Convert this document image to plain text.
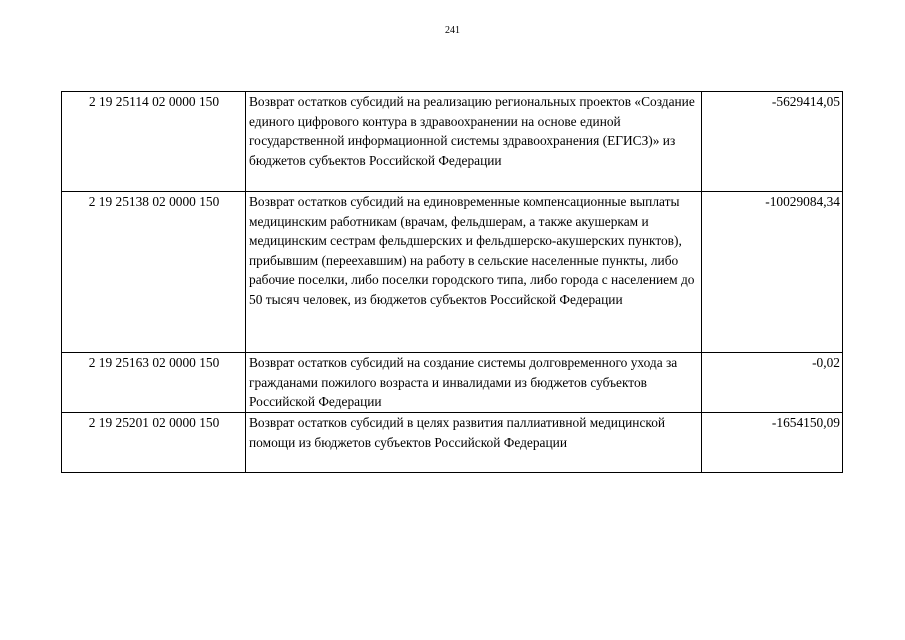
241
2 19 25114 02 0000 150	Возврат остатков субсидий на реализацию региональных проектов «Создание единого цифрового контура в здравоохранении на основе единой государственной информационной системы здравоохранения (ЕГИСЗ)» из бюджетов субъектов Российской Федерации	-5629414,05
2 19 25138 02 0000 150	Возврат остатков субсидий на единовременные компенсационные выплаты медицинским работникам (врачам, фельдшерам, а также акушеркам и медицинским сестрам фельдшерских и фельдшерско-акушерских пунктов), прибывшим (переехавшим) на работу в сельские населенные пункты, либо рабочие поселки, либо поселки городского типа, либо города с населением до 50 тысяч человек, из бюджетов субъектов Российской Федерации	-10029084,34
2 19 25163 02 0000 150	Возврат остатков субсидий на создание системы долговременного ухода за гражданами пожилого возраста и инвалидами из бюджетов субъектов Российской Федерации	-0,02
2 19 25201 02 0000 150	Возврат остатков субсидий в целях развития паллиативной медицинской помощи из бюджетов субъектов Российской Федерации	-1654150,09
